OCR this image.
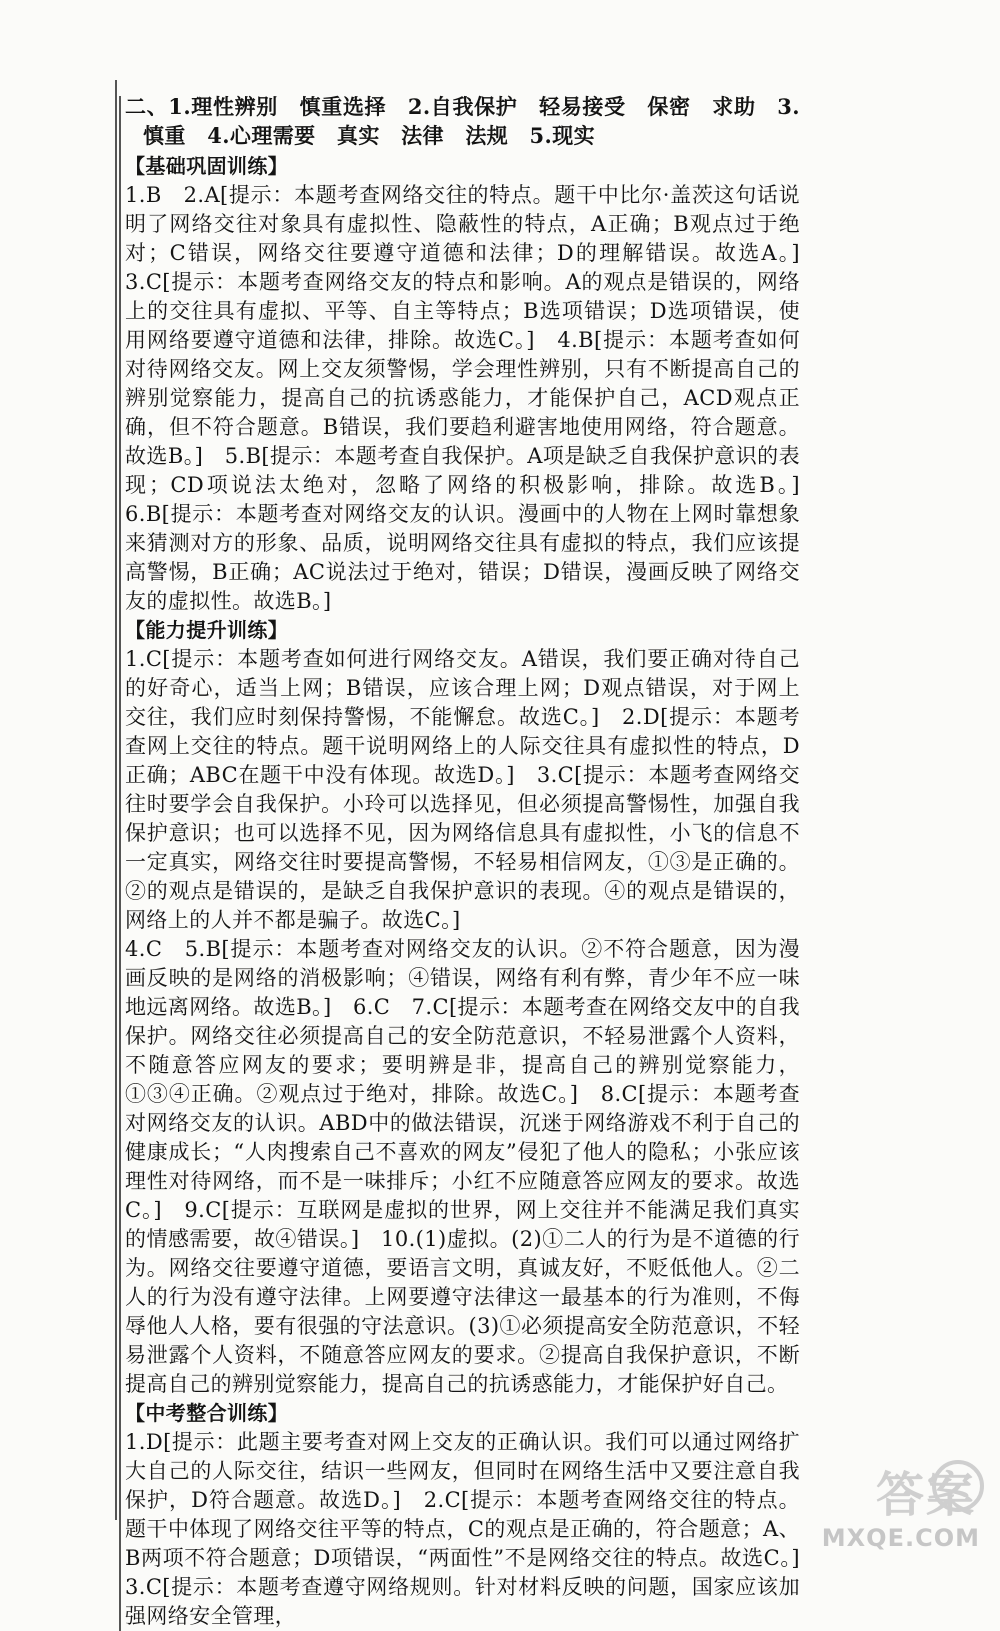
二、1.理性辨别　慎重选择　2.自我保护　轻易接受　保密　求助　3.慎重　4.心理需要　真实　法律　法规　5.现实

【基础巩固训练】

1.B　2.A[提示：本题考查网络交往的特点。题干中比尔·盖茨这句话说明了网络交往对象具有虚拟性、隐蔽性的特点，A正确；B观点过于绝对；C错误，网络交往要遵守道德和法律；D的理解错误。故选A。]　3.C[提示：本题考查网络交友的特点和影响。A的观点是错误的，网络上的交往具有虚拟、平等、自主等特点；B选项错误；D选项错误，使用网络要遵守道德和法律，排除。故选C。]　4.B[提示：本题考查如何对待网络交友。网上交友须警惕，学会理性辨别，只有不断提高自己的辨别觉察能力，提高自己的抗诱惑能力，才能保护自己，ACD观点正确，但不符合题意。B错误，我们要趋利避害地使用网络，符合题意。故选B。]　5.B[提示：本题考查自我保护。A项是缺乏自我保护意识的表现；CD项说法太绝对，忽略了网络的积极影响，排除。故选B。]　6.B[提示：本题考查对网络交友的认识。漫画中的人物在上网时靠想象来猜测对方的形象、品质，说明网络交往具有虚拟的特点，我们应该提高警惕，B正确；AC说法过于绝对，错误；D错误，漫画反映了网络交友的虚拟性。故选B。]

【能力提升训练】

1.C[提示：本题考查如何进行网络交友。A错误，我们要正确对待自己的好奇心，适当上网；B错误，应该合理上网；D观点错误，对于网上交往，我们应时刻保持警惕，不能懈怠。故选C。]　2.D[提示：本题考查网上交往的特点。题干说明网络上的人际交往具有虚拟性的特点，D正确；ABC在题干中没有体现。故选D。]　3.C[提示：本题考查网络交往时要学会自我保护。小玲可以选择见，但必须提高警惕性，加强自我保护意识；也可以选择不见，因为网络信息具有虚拟性，小飞的信息不一定真实，网络交往时要提高警惕，不轻易相信网友，①③是正确的。②的观点是错误的，是缺乏自我保护意识的表现。④的观点是错误的，网络上的人并不都是骗子。故选C。]

4.C　5.B[提示：本题考查对网络交友的认识。②不符合题意，因为漫画反映的是网络的消极影响；④错误，网络有利有弊，青少年不应一味地远离网络。故选B。]　6.C　7.C[提示：本题考查在网络交友中的自我保护。网络交往必须提高自己的安全防范意识，不轻易泄露个人资料，不随意答应网友的要求；要明辨是非，提高自己的辨别觉察能力，①③④正确。②观点过于绝对，排除。故选C。]　8.C[提示：本题考查对网络交友的认识。ABD中的做法错误，沉迷于网络游戏不利于自己的健康成长；“人肉搜索自己不喜欢的网友”侵犯了他人的隐私；小张应该理性对待网络，而不是一味排斥；小红不应随意答应网友的要求。故选C。]　9.C[提示：互联网是虚拟的世界，网上交往并不能满足我们真实的情感需要，故④错误。]　10.(1)虚拟。(2)①二人的行为是不道德的行为。网络交往要遵守道德，要语言文明，真诚友好，不贬低他人。②二人的行为没有遵守法律。上网要遵守法律这一最基本的行为准则，不侮辱他人人格，要有很强的守法意识。(3)①必须提高安全防范意识，不轻易泄露个人资料，不随意答应网友的要求。②提高自我保护意识，不断提高自己的辨别觉察能力，提高自己的抗诱惑能力，才能保护好自己。

【中考整合训练】

1.D[提示：此题主要考查对网上交友的正确认识。我们可以通过网络扩大自己的人际交往，结识一些网友，但同时在网络生活中又要注意自我保护，D符合题意。故选D。]　2.C[提示：本题考查网络交往的特点。题干中体现了网络交往平等的特点，C的观点是正确的，符合题意；A、B两项不符合题意；D项错误，“两面性”不是网络交往的特点。故选C。]　3.C[提示：本题考查遵守网络规则。针对材料反映的问题，国家应该加强网络安全管理，

答案
MXQE.COM
